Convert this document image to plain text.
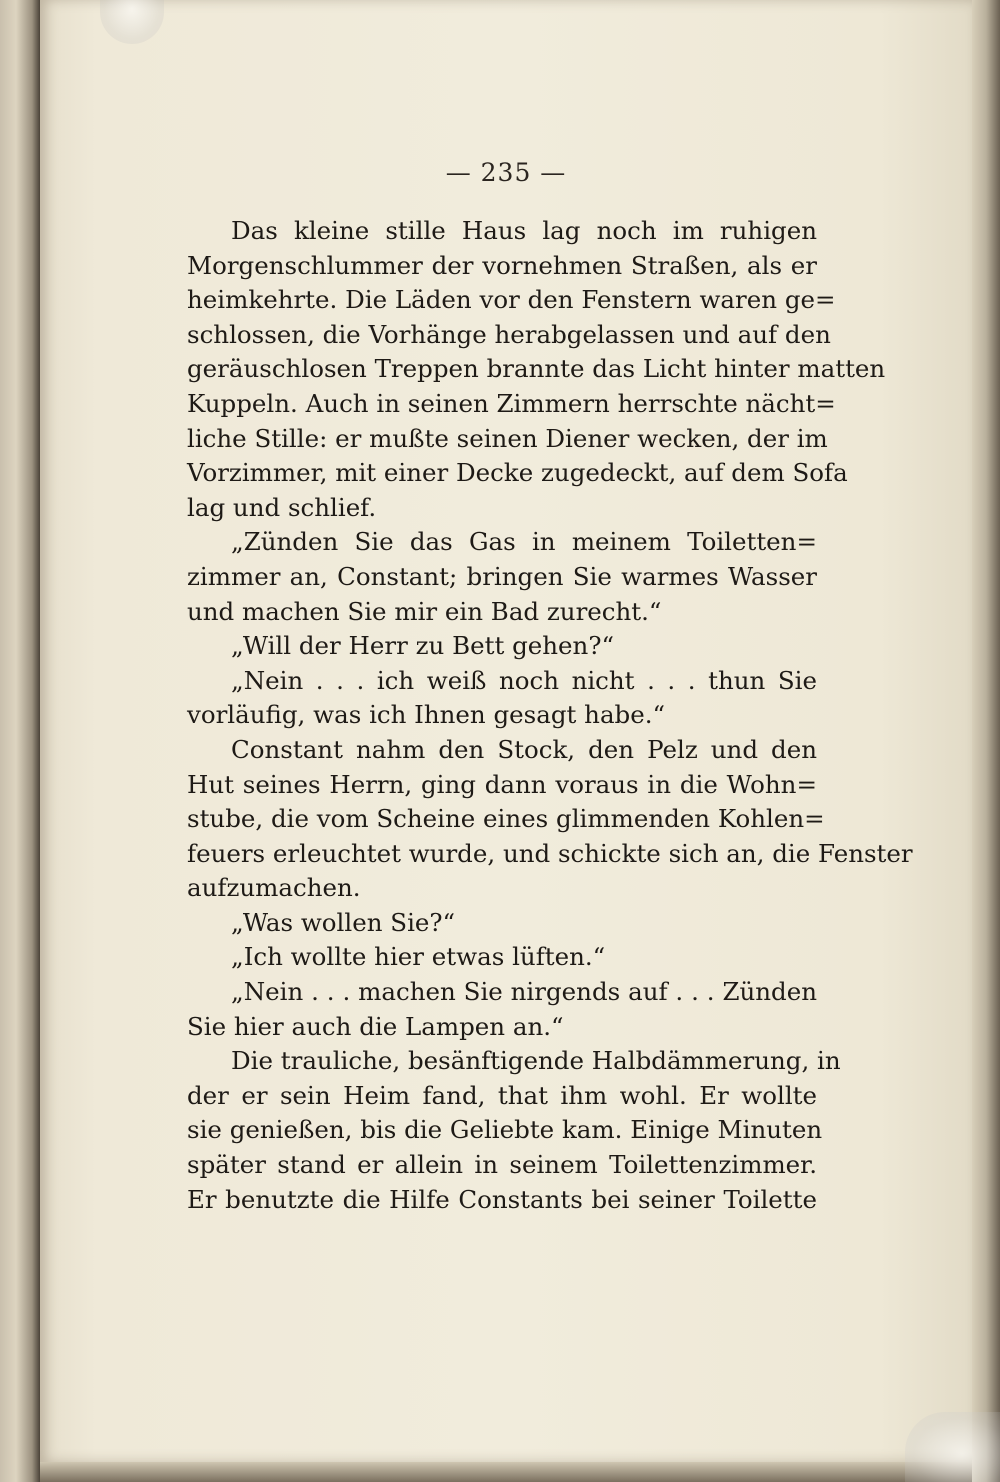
— 235 —
Das kleine stille Haus lag noch im ruhigen
Morgenschlummer der vornehmen Straßen, als er
heimkehrte. Die Läden vor den Fenstern waren ge=
schlossen, die Vorhänge herabgelassen und auf den
geräuschlosen Treppen brannte das Licht hinter matten
Kuppeln. Auch in seinen Zimmern herrschte nächt=
liche Stille: er mußte seinen Diener wecken, der im
Vorzimmer, mit einer Decke zugedeckt, auf dem Sofa
lag und schlief.
„Zünden Sie das Gas in meinem Toiletten=
zimmer an, Constant; bringen Sie warmes Wasser
und machen Sie mir ein Bad zurecht.“
„Will der Herr zu Bett gehen?“
„Nein . . . ich weiß noch nicht . . . thun Sie
vorläufig, was ich Ihnen gesagt habe.“
Constant nahm den Stock, den Pelz und den
Hut seines Herrn, ging dann voraus in die Wohn=
stube, die vom Scheine eines glimmenden Kohlen=
feuers erleuchtet wurde, und schickte sich an, die Fenster
aufzumachen.
„Was wollen Sie?“
„Ich wollte hier etwas lüften.“
„Nein . . . machen Sie nirgends auf . . . Zünden
Sie hier auch die Lampen an.“
Die trauliche, besänftigende Halbdämmerung, in
der er sein Heim fand, that ihm wohl. Er wollte
sie genießen, bis die Geliebte kam. Einige Minuten
später stand er allein in seinem Toilettenzimmer.
Er benutzte die Hilfe Constants bei seiner Toilette
